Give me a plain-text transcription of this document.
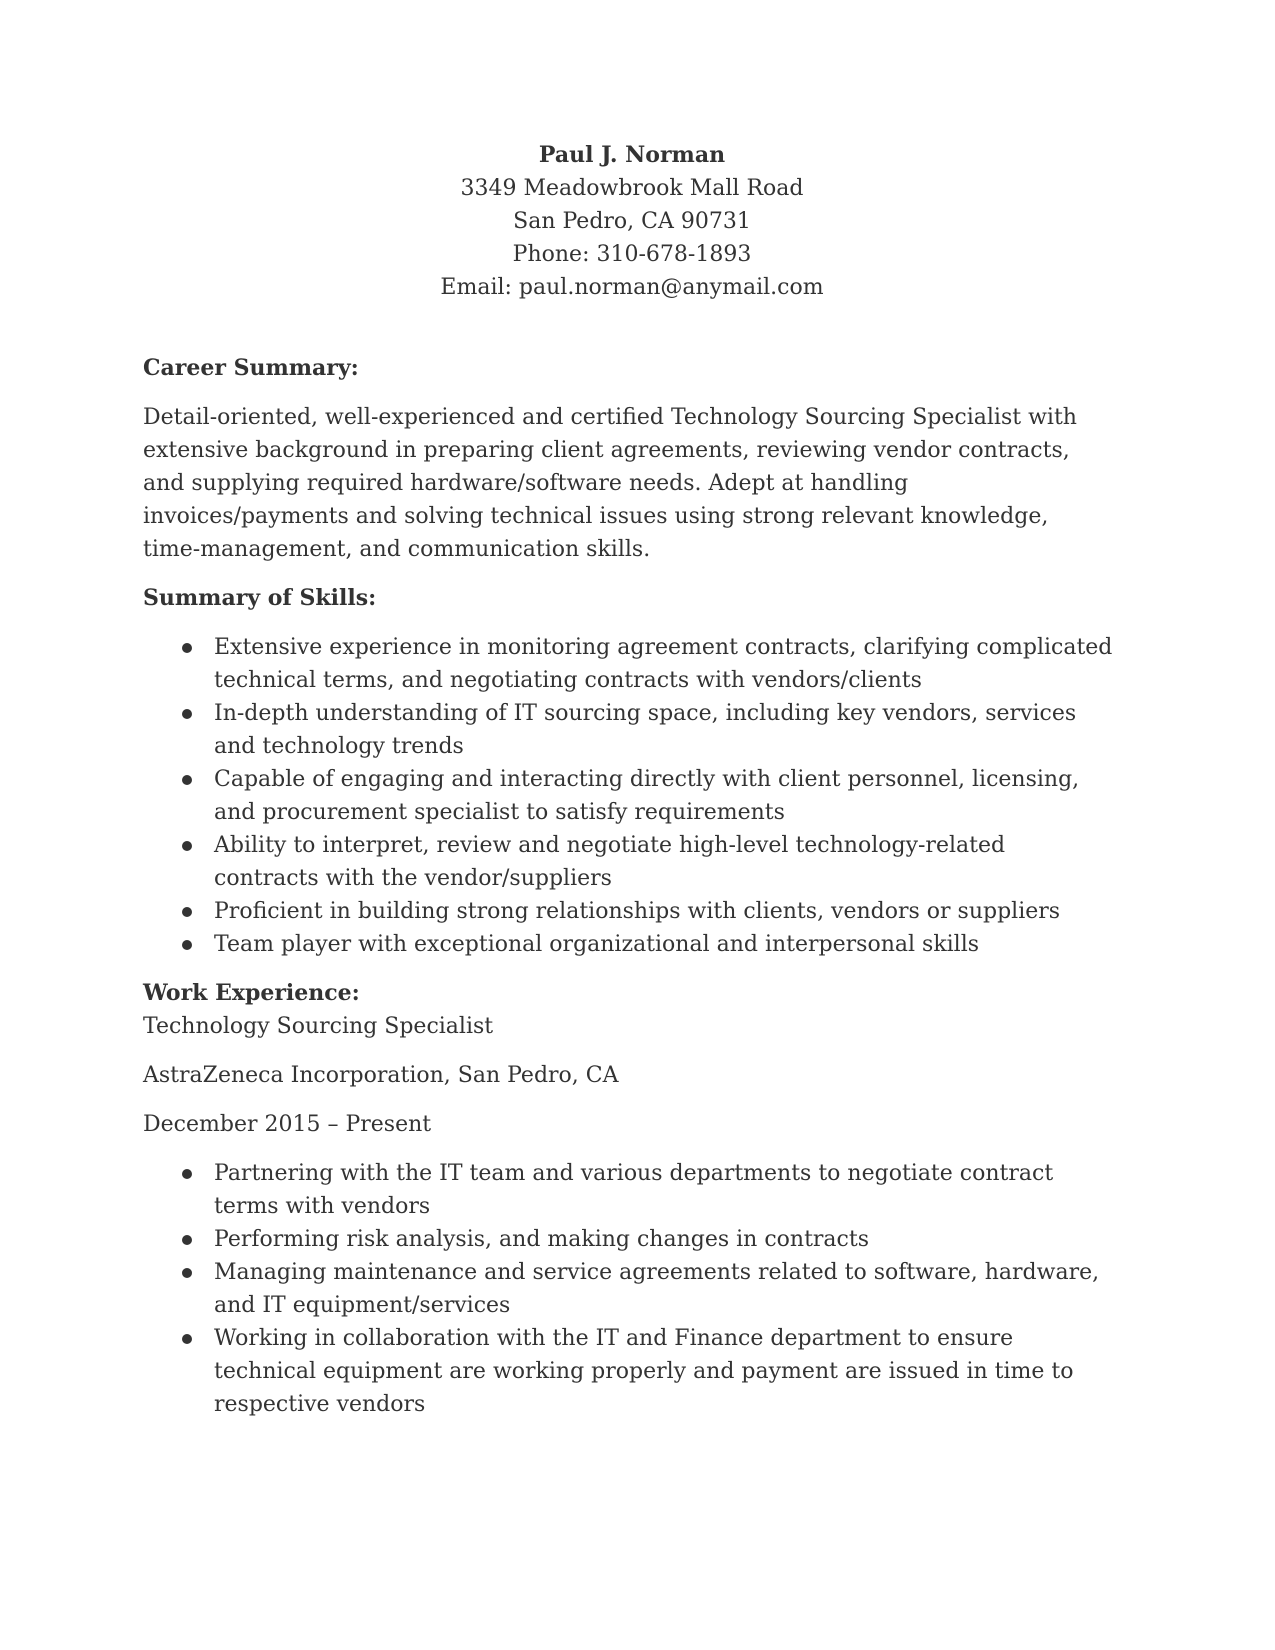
Paul J. Norman
3349 Meadowbrook Mall Road
San Pedro, CA 90731
Phone: 310-678-1893
Email: paul.norman@anymail.com
Career Summary:
Detail-oriented, well-experienced and certified Technology Sourcing Specialist with extensive background in preparing client agreements, reviewing vendor contracts, and supplying required hardware/software needs. Adept at handling invoices/payments and solving technical issues using strong relevant knowledge, time-management, and communication skills.
Summary of Skills:
Extensive experience in monitoring agreement contracts, clarifying complicated technical terms, and negotiating contracts with vendors/clients
In-depth understanding of IT sourcing space, including key vendors, services and technology trends
Capable of engaging and interacting directly with client personnel, licensing, and procurement specialist to satisfy requirements
Ability to interpret, review and negotiate high-level technology-related contracts with the vendor/suppliers
Proficient in building strong relationships with clients, vendors or suppliers
Team player with exceptional organizational and interpersonal skills
Work Experience:
Technology Sourcing Specialist
AstraZeneca Incorporation, San Pedro, CA
December 2015 – Present
Partnering with the IT team and various departments to negotiate contract terms with vendors
Performing risk analysis, and making changes in contracts
Managing maintenance and service agreements related to software, hardware, and IT equipment/services
Working in collaboration with the IT and Finance department to ensure technical equipment are working properly and payment are issued in time to respective vendors
